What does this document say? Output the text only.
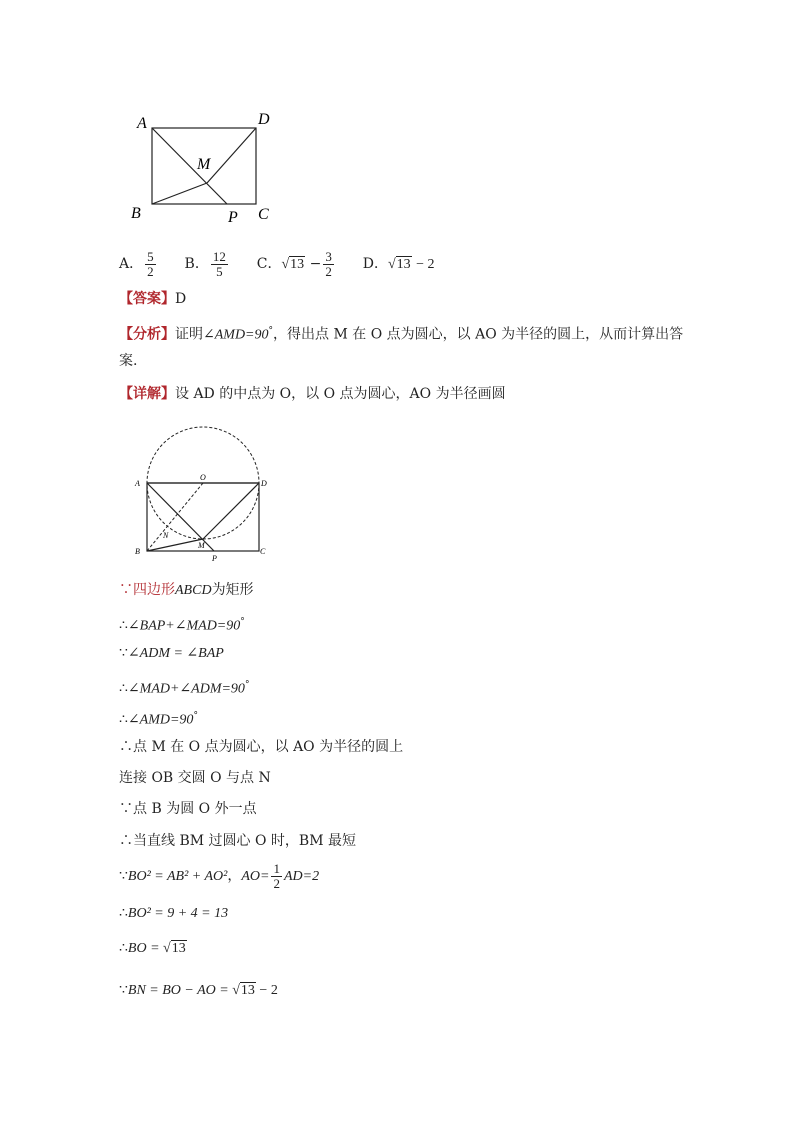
A	D
M
B	P C
A． $\frac{5}{2}$ B． $\frac{12}{5}$ C．$√13 - \frac{3}{2}$ D．√13 − 2
【答案】D
【分析】证明∠AMD=90°，得出点 M 在 O 点为圆心，以 AO 为半径的圆上，从而计算出答
案.
【详解】设 AD 的中点为 O，以 O 点为圆心，AO 为半径画圆
A
O
D
N
M
B
P
C
∵四边形ABCD为矩形
∴∠BAP+∠MAD=90°
∵∠ADM = ∠BAP
∴∠MAD+∠ADM=90°
∴∠AMD=90°
∴点 M 在 O 点为圆心，以 AO 为半径的圆上
连接 OB 交圆 O 与点 N
∵点 B 为圆 O 外一点
∴当直线 BM 过圆心 O 时，BM 最短
∵BO² = AB² + AO²，$AO= \frac{1}{2} AD=2$
∴BO² = 9 + 4 = 13
∴BO = √13
∵BN = BO − AO = √13 − 2
